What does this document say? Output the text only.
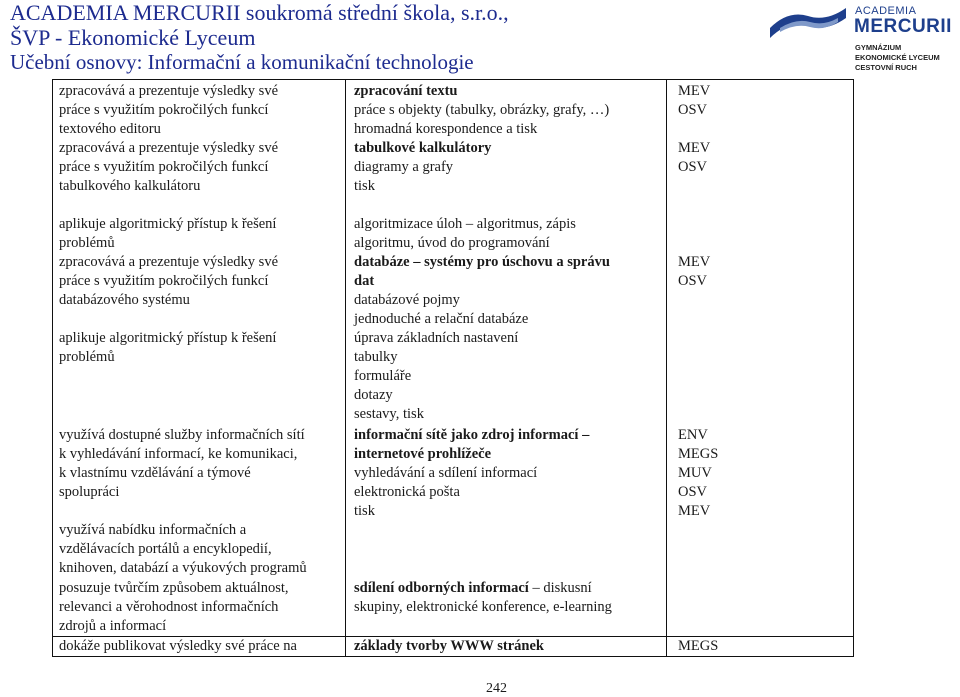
ACADEMIA MERCURII soukromá střední škola, s.r.o.,
ŠVP - Ekonomické Lyceum
Učební osnovy: Informační a komunikační technologie
ACADEMIA
MERCURII
GYMNÁZIUM
EKONOMICKÉ LYCEUM
CESTOVNÍ RUCH
zpracovává a prezentuje výsledky své
práce s využitím pokročilých funkcí
textového editoru
zpracování textu
práce s objekty (tabulky, obrázky, grafy, …)
hromadná korespondence a tisk
MEV
OSV
zpracovává a prezentuje výsledky své
práce s využitím pokročilých funkcí
tabulkového kalkulátoru
tabulkové kalkulátory
diagramy a grafy
tisk
MEV
OSV
aplikuje algoritmický přístup k řešení
problémů
zpracovává a prezentuje výsledky své
práce s využitím pokročilých funkcí
databázového systému
aplikuje algoritmický přístup k řešení
problémů
algoritmizace úloh – algoritmus, zápis
algoritmu, úvod do programování
databáze – systémy pro úschovu a správu
dat
databázové pojmy
jednoduché a relační databáze
úprava základních nastavení
tabulky
formuláře
dotazy
sestavy, tisk
MEV
OSV
využívá dostupné služby informačních sítí
k vyhledávání informací, ke komunikaci,
k vlastnímu vzdělávání a týmové
spolupráci
využívá nabídku informačních a
vzdělávacích portálů a encyklopedií,
knihoven, databází a výukových programů
informační sítě jako zdroj informací –
internetové prohlížeče
vyhledávání a sdílení informací
elektronická pošta
tisk
ENV
MEGS
MUV
OSV
MEV
posuzuje tvůrčím způsobem aktuálnost,
relevanci a věrohodnost informačních
zdrojů a informací
sdílení odborných informací – diskusní
skupiny, elektronické konference, e-learning
dokáže publikovat výsledky své práce na	základy tvorby WWW stránek	MEGS
242
